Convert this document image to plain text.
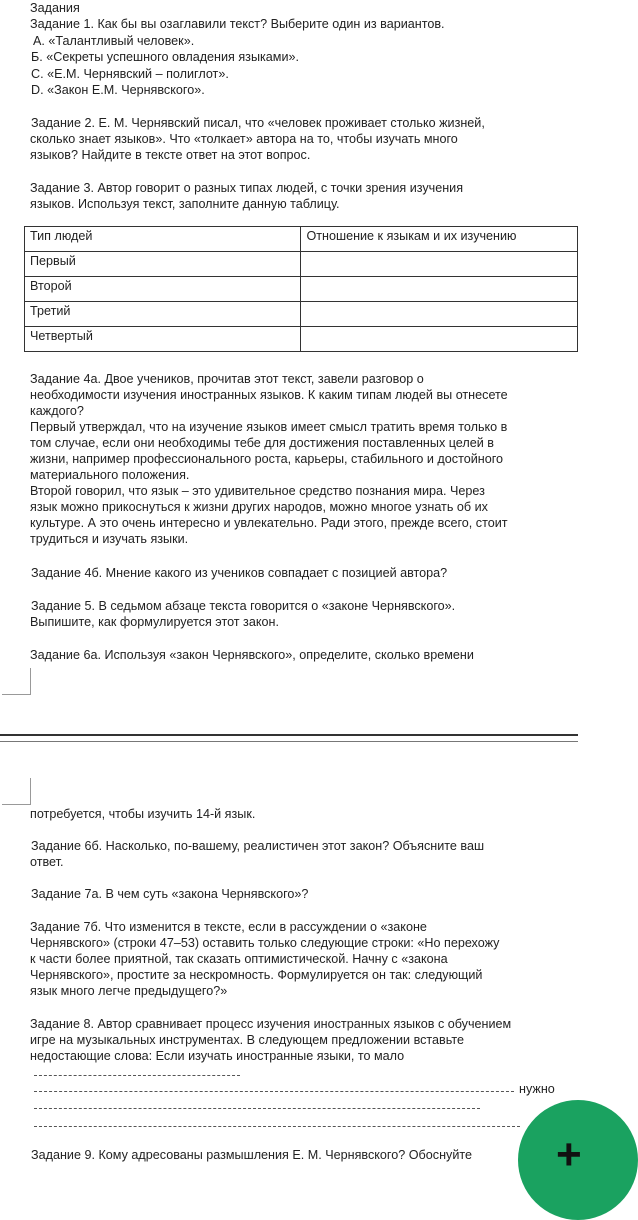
Задания
Задание 1. Как бы вы озаглавили текст? Выберите один из вариантов.
А. «Талантливый человек».
Б. «Секреты успешного овладения языками».
С. «Е.М. Чернявский – полиглот».
D. «Закон Е.М. Чернявского».
Задание 2. Е. М. Чернявский писал, что «человек проживает столько жизней,
сколько знает языков». Что «толкает» автора на то, чтобы изучать много
языков? Найдите в тексте ответ на этот вопрос.
Задание 3. Автор говорит о разных типах людей, с точки зрения изучения
языков. Используя текст, заполните данную таблицу.
Тип людей	Отношение к языкам и их изучению
Первый	
Второй	
Третий	
Четвертый	
Задание 4а. Двое учеников, прочитав этот текст, завели разговор о
необходимости изучения иностранных языков. К каким типам людей вы отнесете
каждого?
Первый утверждал, что на изучение языков имеет смысл тратить время только в
том случае, если они необходимы тебе для достижения поставленных целей в
жизни, например профессионального роста, карьеры, стабильного и достойного
материального положения.
Второй говорил, что язык – это удивительное средство познания мира. Через
язык можно прикоснуться к жизни других народов, можно многое узнать об их
культуре. А это очень интересно и увлекательно. Ради этого, прежде всего, стоит
трудиться и изучать языки.
Задание 4б. Мнение какого из учеников совпадает с позицией автора?
Задание 5. В седьмом абзаце текста говорится о «законе Чернявского».
Выпишите, как формулируется этот закон.
Задание 6а. Используя «закон Чернявского», определите, сколько времени
потребуется, чтобы изучить 14-й язык.
Задание 6б. Насколько, по-вашему, реалистичен этот закон? Объясните ваш
ответ.
Задание 7а. В чем суть «закона Чернявского»?
Задание 7б. Что изменится в тексте, если в рассуждении о «законе
Чернявского» (строки 47–53) оставить только следующие строки: «Но перехожу
к части более приятной, так сказать оптимистической. Начну с «закона
Чернявского», простите за нескромность. Формулируется он так: следующий
язык много легче предыдущего?»
Задание 8. Автор сравнивает процесс изучения иностранных языков с обучением
игре на музыкальных инструментах. В следующем предложении вставьте
недостающие слова: Если изучать иностранные языки, то мало
нужно
Задание 9. Кому адресованы размышления Е. М. Чернявского? Обоснуйте +
